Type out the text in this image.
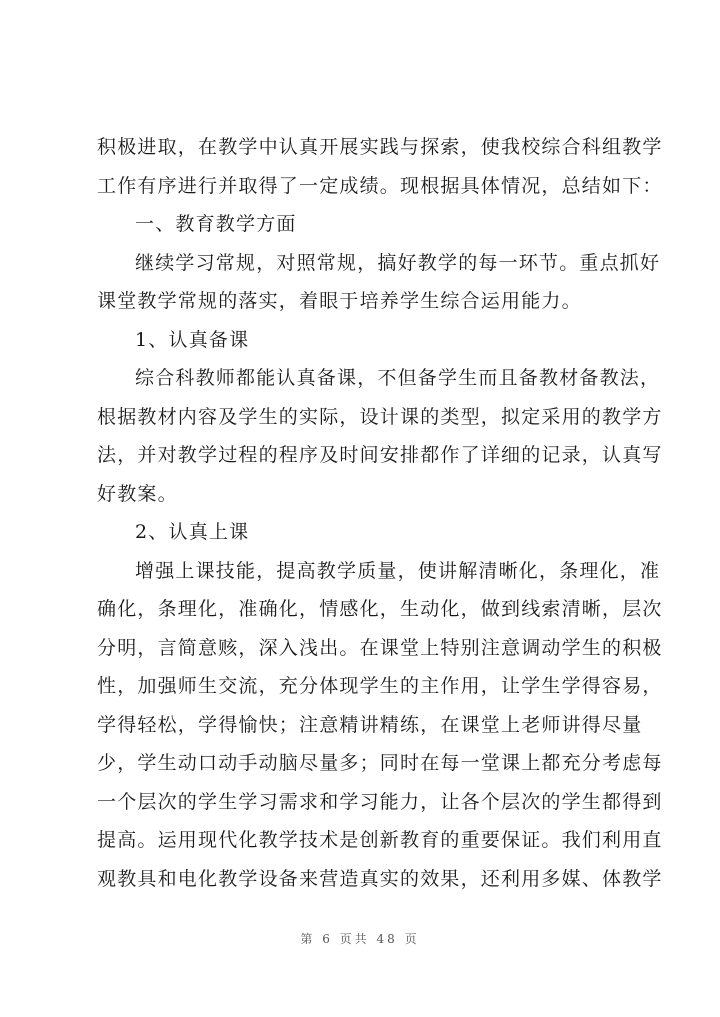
积极进取，在教学中认真开展实践与探索，使我校综合科组教学
工作有序进行并取得了一定成绩。现根据具体情况，总结如下：
一、教育教学方面
继续学习常规，对照常规，搞好教学的每一环节。重点抓好
课堂教学常规的落实，着眼于培养学生综合运用能力。
1、认真备课
综合科教师都能认真备课，不但备学生而且备教材备教法，
根据教材内容及学生的实际，设计课的类型，拟定采用的教学方
法，并对教学过程的程序及时间安排都作了详细的记录，认真写
好教案。
2、认真上课
增强上课技能，提高教学质量，使讲解清晰化，条理化，准
确化，条理化，准确化，情感化，生动化，做到线索清晰，层次
分明，言简意赅，深入浅出。在课堂上特别注意调动学生的积极
性，加强师生交流，充分体现学生的主作用，让学生学得容易，
学得轻松，学得愉快；注意精讲精练，在课堂上老师讲得尽量
少，学生动口动手动脑尽量多；同时在每一堂课上都充分考虑每
一个层次的学生学习需求和学习能力，让各个层次的学生都得到
提高。运用现代化教学技术是创新教育的重要保证。我们利用直
观教具和电化教学设备来营造真实的效果，还利用多媒、体教学
第 6 页共 48 页
